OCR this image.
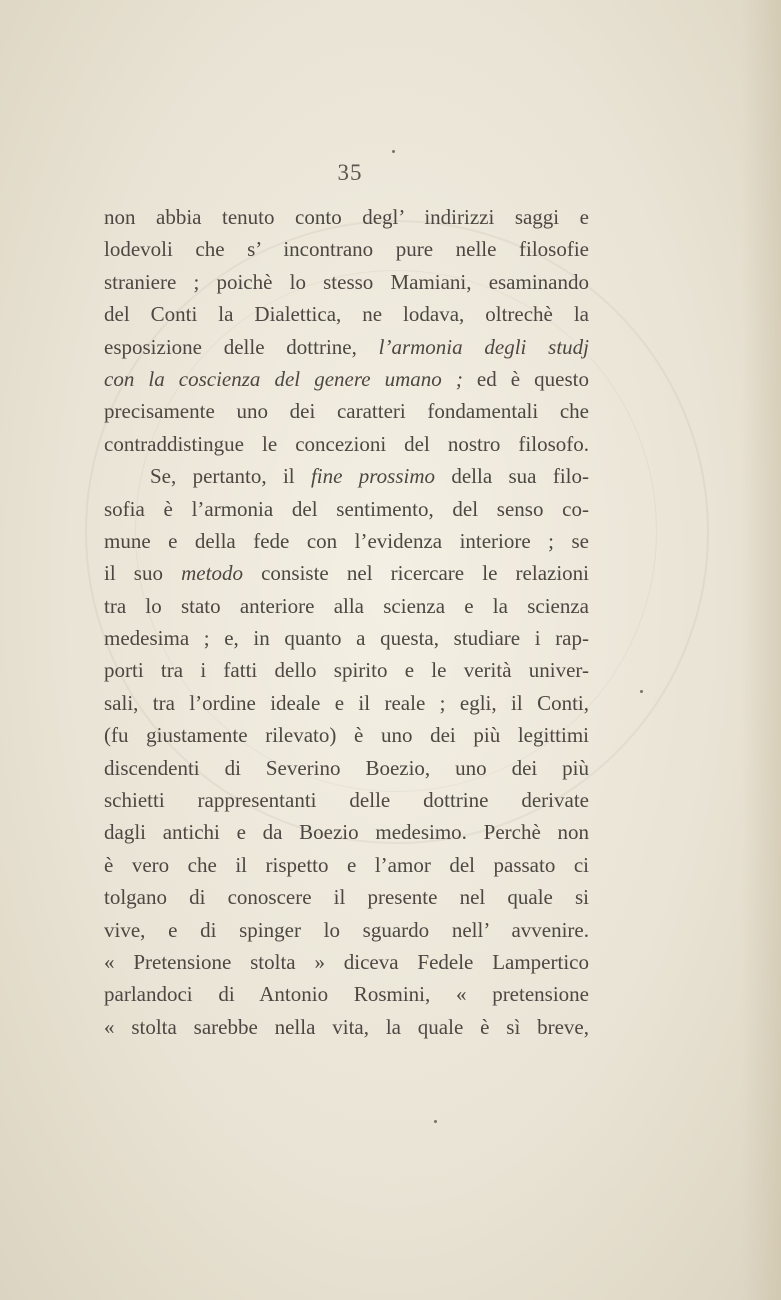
35
non abbia tenuto conto degl’ indirizzi saggi e
lodevoli che s’ incontrano pure nelle filosofie
straniere ; poichè lo stesso Mamiani, esaminando
del Conti la Dialettica, ne lodava, oltrechè la
esposizione delle dottrine, l’armonia degli studj
con la coscienza del genere umano ; ed è questo
precisamente uno dei caratteri fondamentali che
contraddistingue le concezioni del nostro filosofo.
Se, pertanto, il fine prossimo della sua filo-
sofia è l’armonia del sentimento, del senso co-
mune e della fede con l’evidenza interiore ; se
il suo metodo consiste nel ricercare le relazioni
tra lo stato anteriore alla scienza e la scienza
medesima ; e, in quanto a questa, studiare i rap-
porti tra i fatti dello spirito e le verità univer-
sali, tra l’ordine ideale e il reale ; egli, il Conti,
(fu giustamente rilevato) è uno dei più legittimi
discendenti di Severino Boezio, uno dei più
schietti rappresentanti delle dottrine derivate
dagli antichi e da Boezio medesimo. Perchè non
è vero che il rispetto e l’amor del passato ci
tolgano di conoscere il presente nel quale si
vive, e di spinger lo sguardo nell’ avvenire.
« Pretensione stolta » diceva Fedele Lampertico
parlandoci di Antonio Rosmini, « pretensione
« stolta sarebbe nella vita, la quale è sì breve,
